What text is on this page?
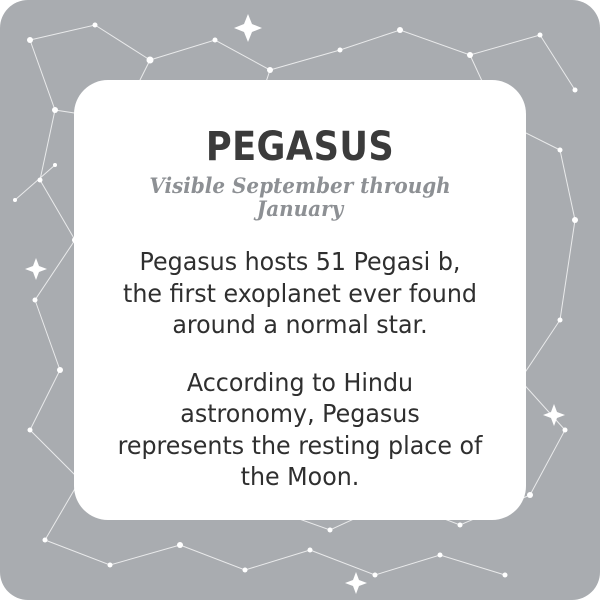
PEGASUS
Visible September through January

Pegasus hosts 51 Pegasi b, the first exoplanet ever found around a normal star.

According to Hindu astronomy, Pegasus represents the resting place of the Moon.
